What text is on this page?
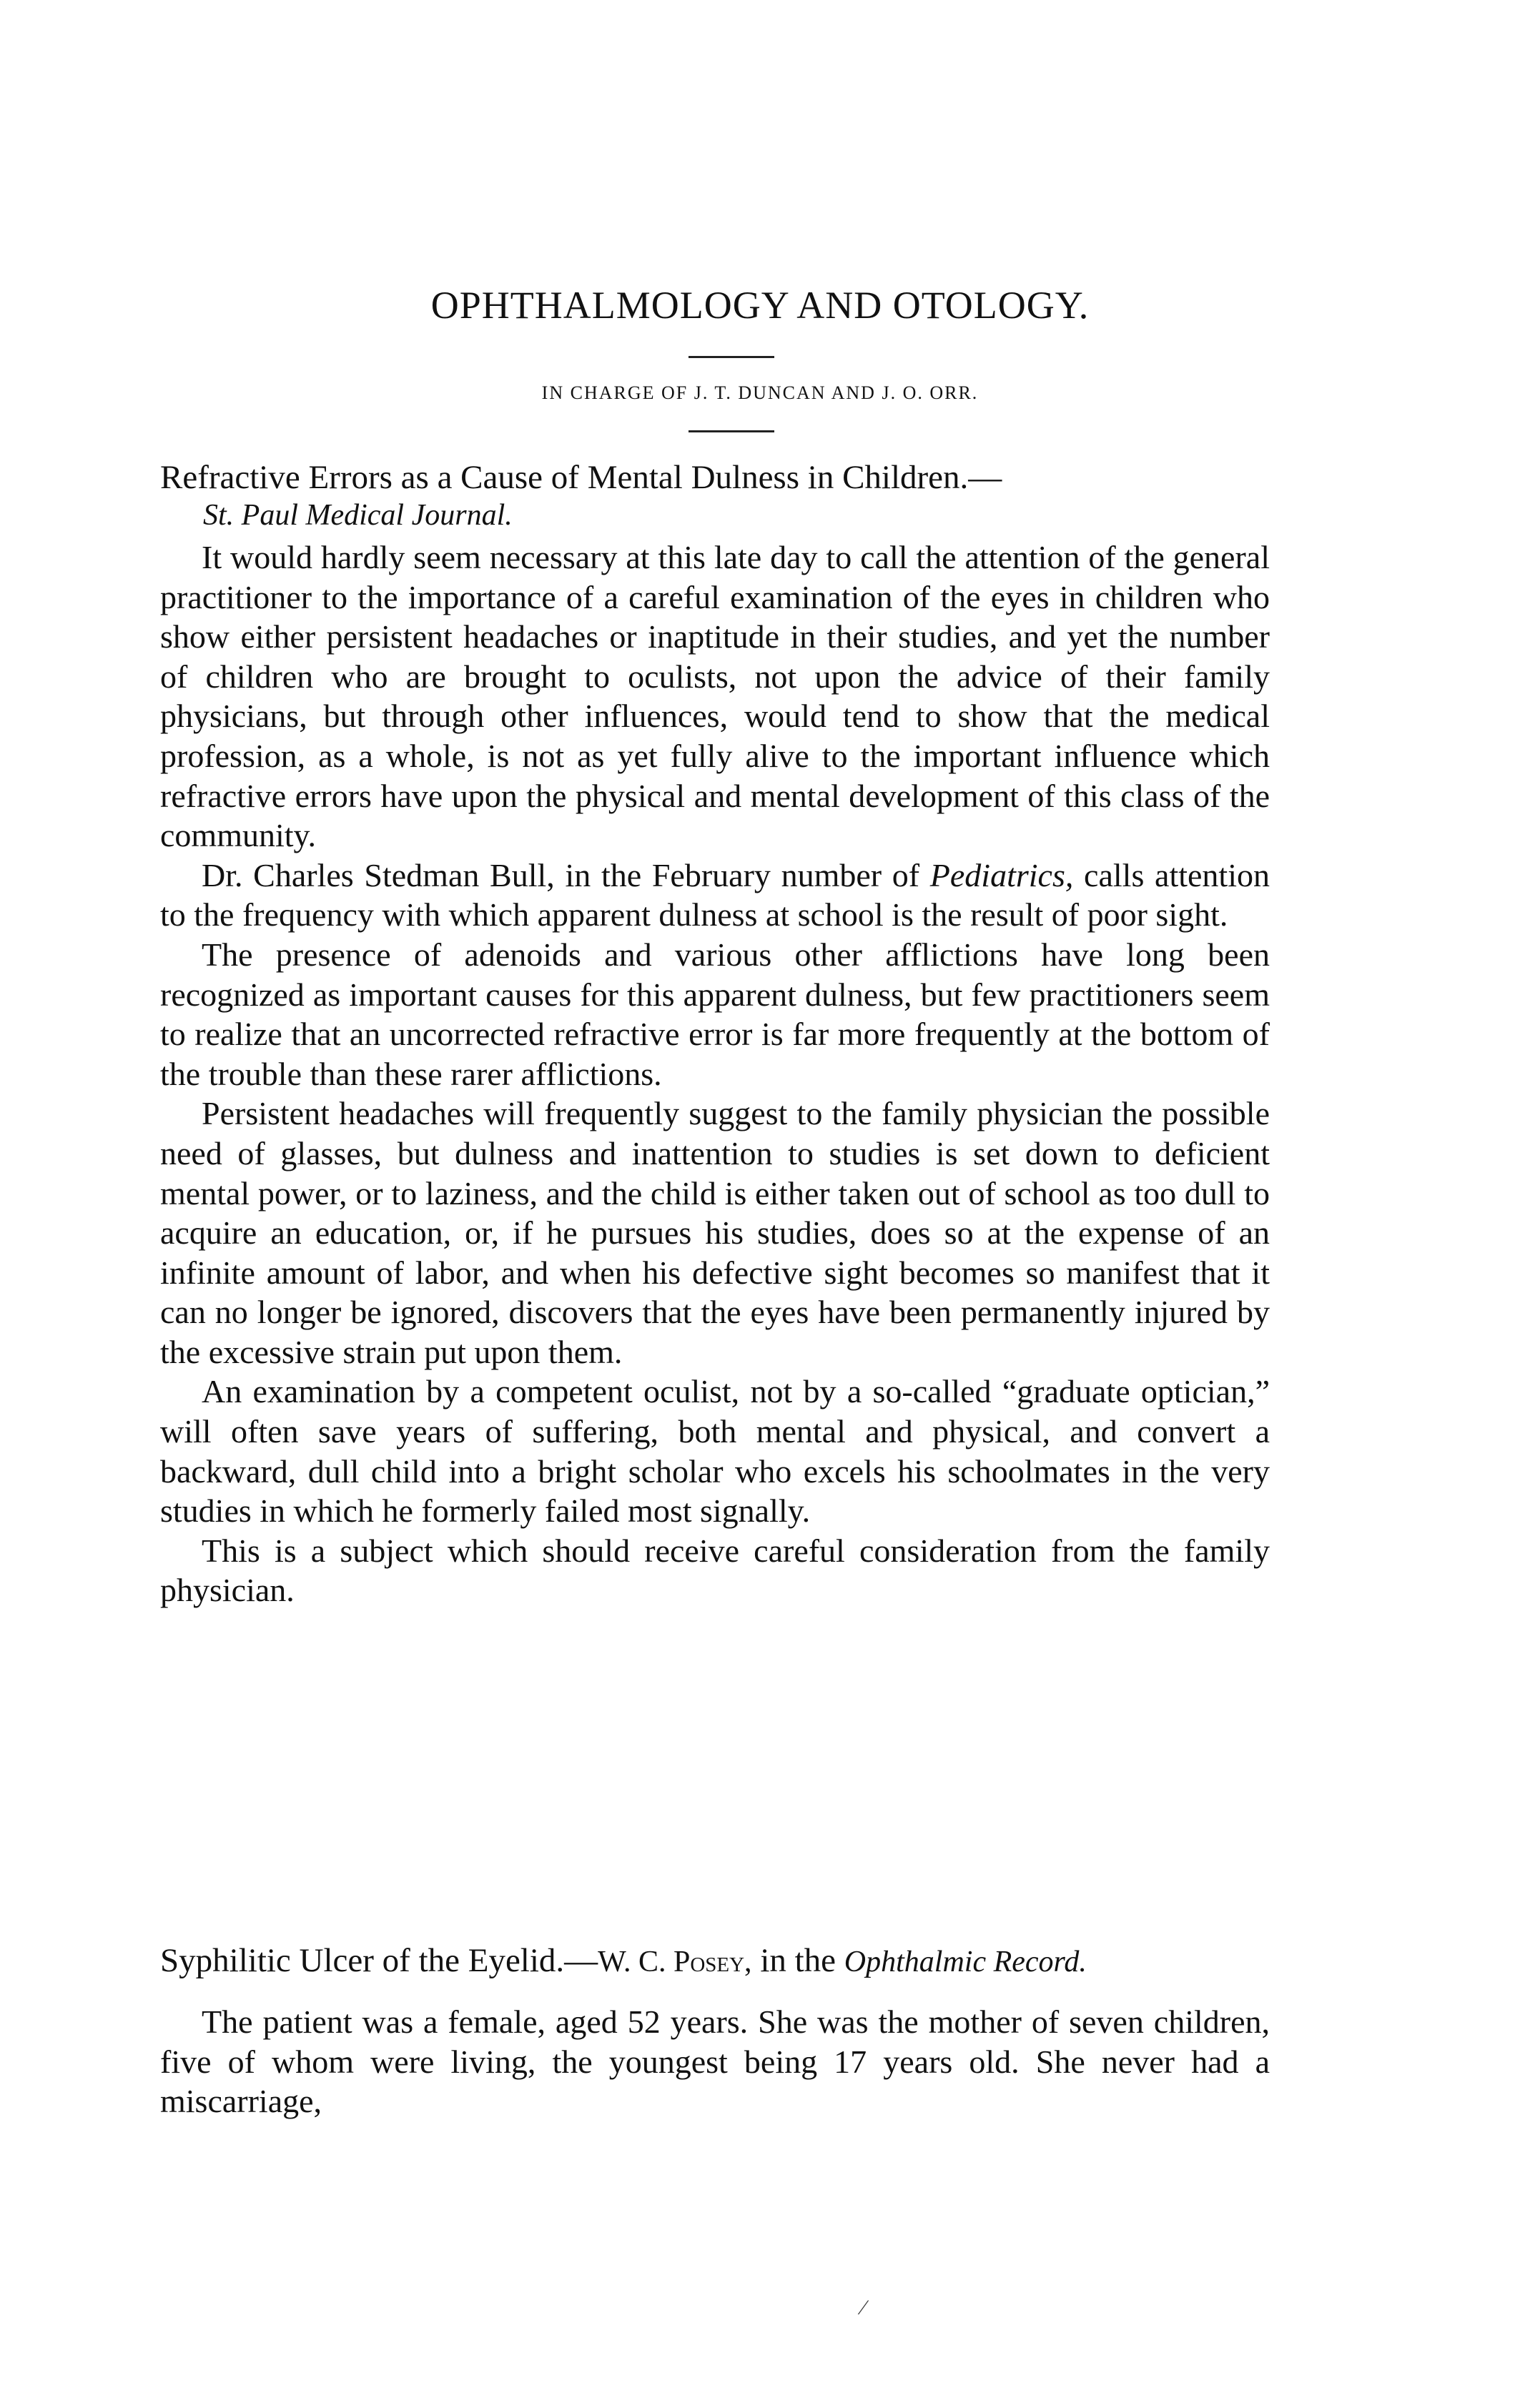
OPHTHALMOLOGY AND OTOLOGY.
IN CHARGE OF J. T. DUNCAN AND J. O. ORR.
Refractive Errors as a Cause of Mental Dulness in Children.—
St. Paul Medical Journal.

It would hardly seem necessary at this late day to call the attention of the general practitioner to the importance of a careful examination of the eyes in children who show either persistent headaches or inaptitude in their studies, and yet the number of children who are brought to oculists, not upon the advice of their family physicians, but through other influences, would tend to show that the medical profession, as a whole, is not as yet fully alive to the important influence which refractive errors have upon the physical and mental development of this class of the community.

Dr. Charles Stedman Bull, in the February number of Pediatrics, calls attention to the frequency with which apparent dulness at school is the result of poor sight.

The presence of adenoids and various other afflictions have long been recognized as important causes for this apparent dulness, but few practitioners seem to realize that an uncorrected refractive error is far more frequently at the bottom of the trouble than these rarer afflictions.

Persistent headaches will frequently suggest to the family physician the possible need of glasses, but dulness and inattention to studies is set down to deficient mental power, or to laziness, and the child is either taken out of school as too dull to acquire an education, or, if he pursues his studies, does so at the expense of an infinite amount of labor, and when his defective sight becomes so manifest that it can no longer be ignored, discovers that the eyes have been permanently injured by the excessive strain put upon them.

An examination by a competent oculist, not by a so-called “graduate optician,” will often save years of suffering, both mental and physical, and convert a backward, dull child into a bright scholar who excels his schoolmates in the very studies in which he formerly failed most signally.

This is a subject which should receive careful consideration from the family physician.

Syphilitic Ulcer of the Eyelid.—W. C. Posey, in the Ophthalmic Record.

The patient was a female, aged 52 years. She was the mother of seven children, five of whom were living, the youngest being 17 years old. She never had a miscarriage,

⁄
